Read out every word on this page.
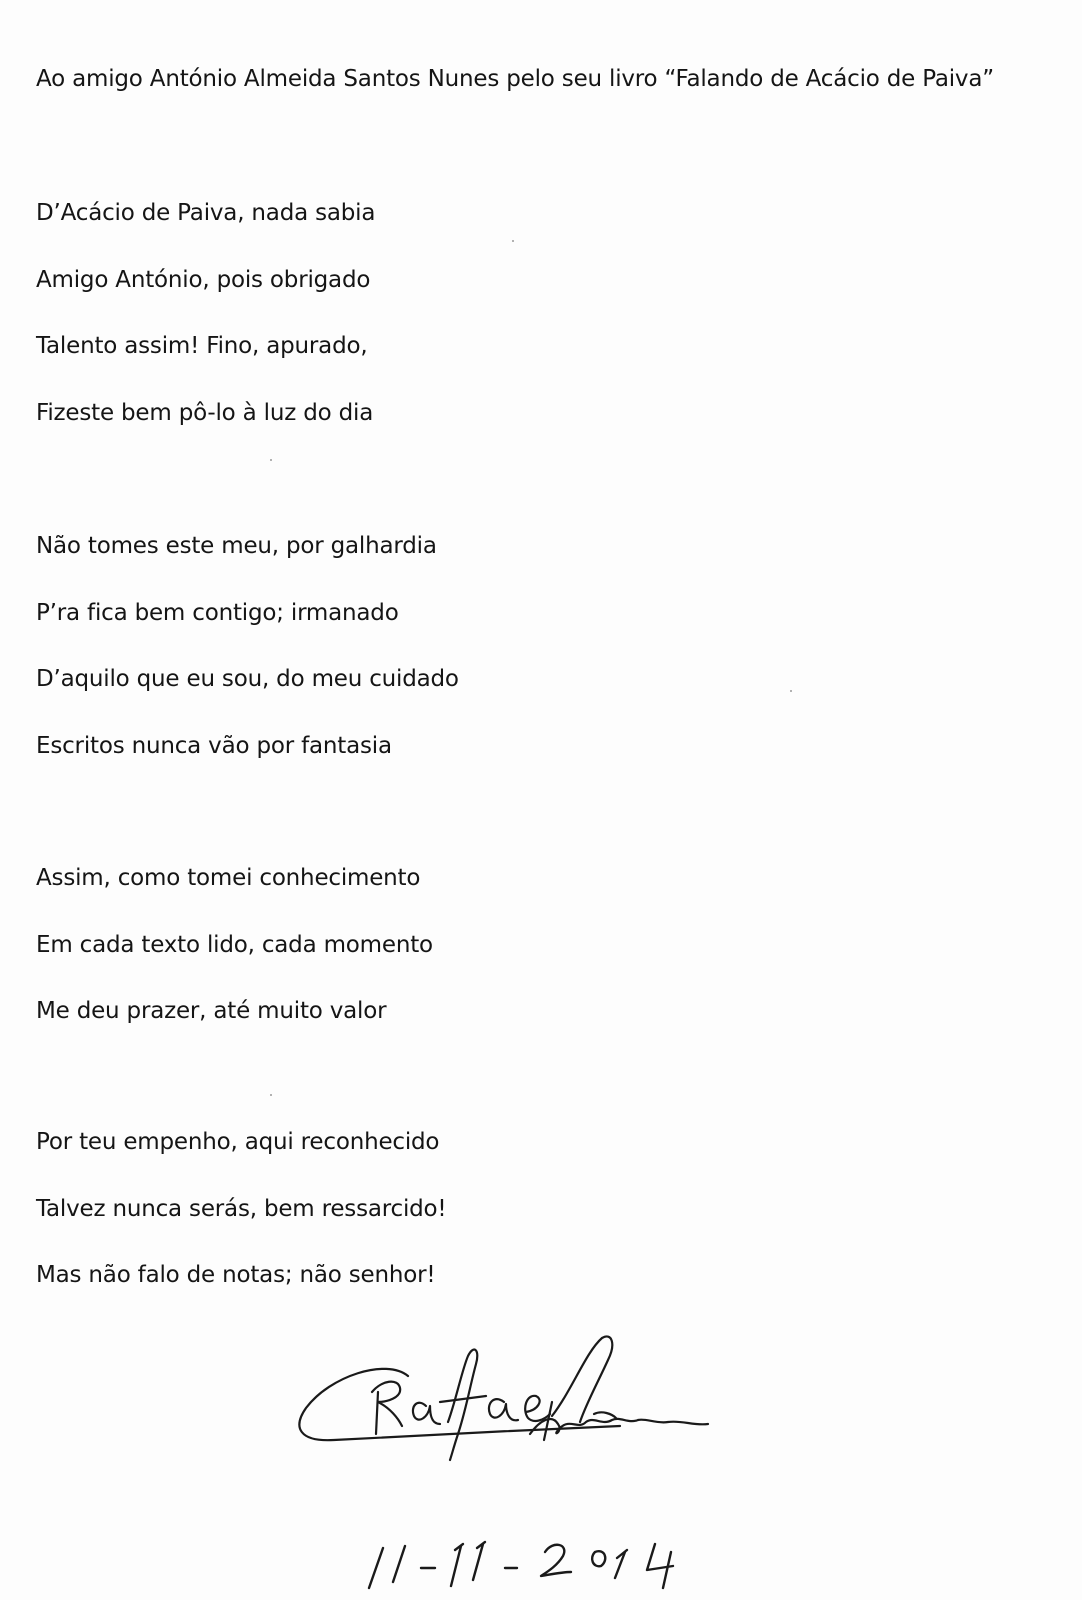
Ao amigo António Almeida Santos Nunes pelo seu livro “Falando de Acácio de Paiva”
D’Acácio de Paiva, nada sabia
Amigo António, pois obrigado
Talento assim! Fino, apurado,
Fizeste bem pô-lo à luz do dia
Não tomes este meu, por galhardia
P’ra fica bem contigo; irmanado
D’aquilo que eu sou, do meu cuidado
Escritos nunca vão por fantasia
Assim, como tomei conhecimento
Em cada texto lido, cada momento
Me deu prazer, até muito valor
Por teu empenho, aqui reconhecido
Talvez nunca serás, bem ressarcido!
Mas não falo de notas; não senhor!
